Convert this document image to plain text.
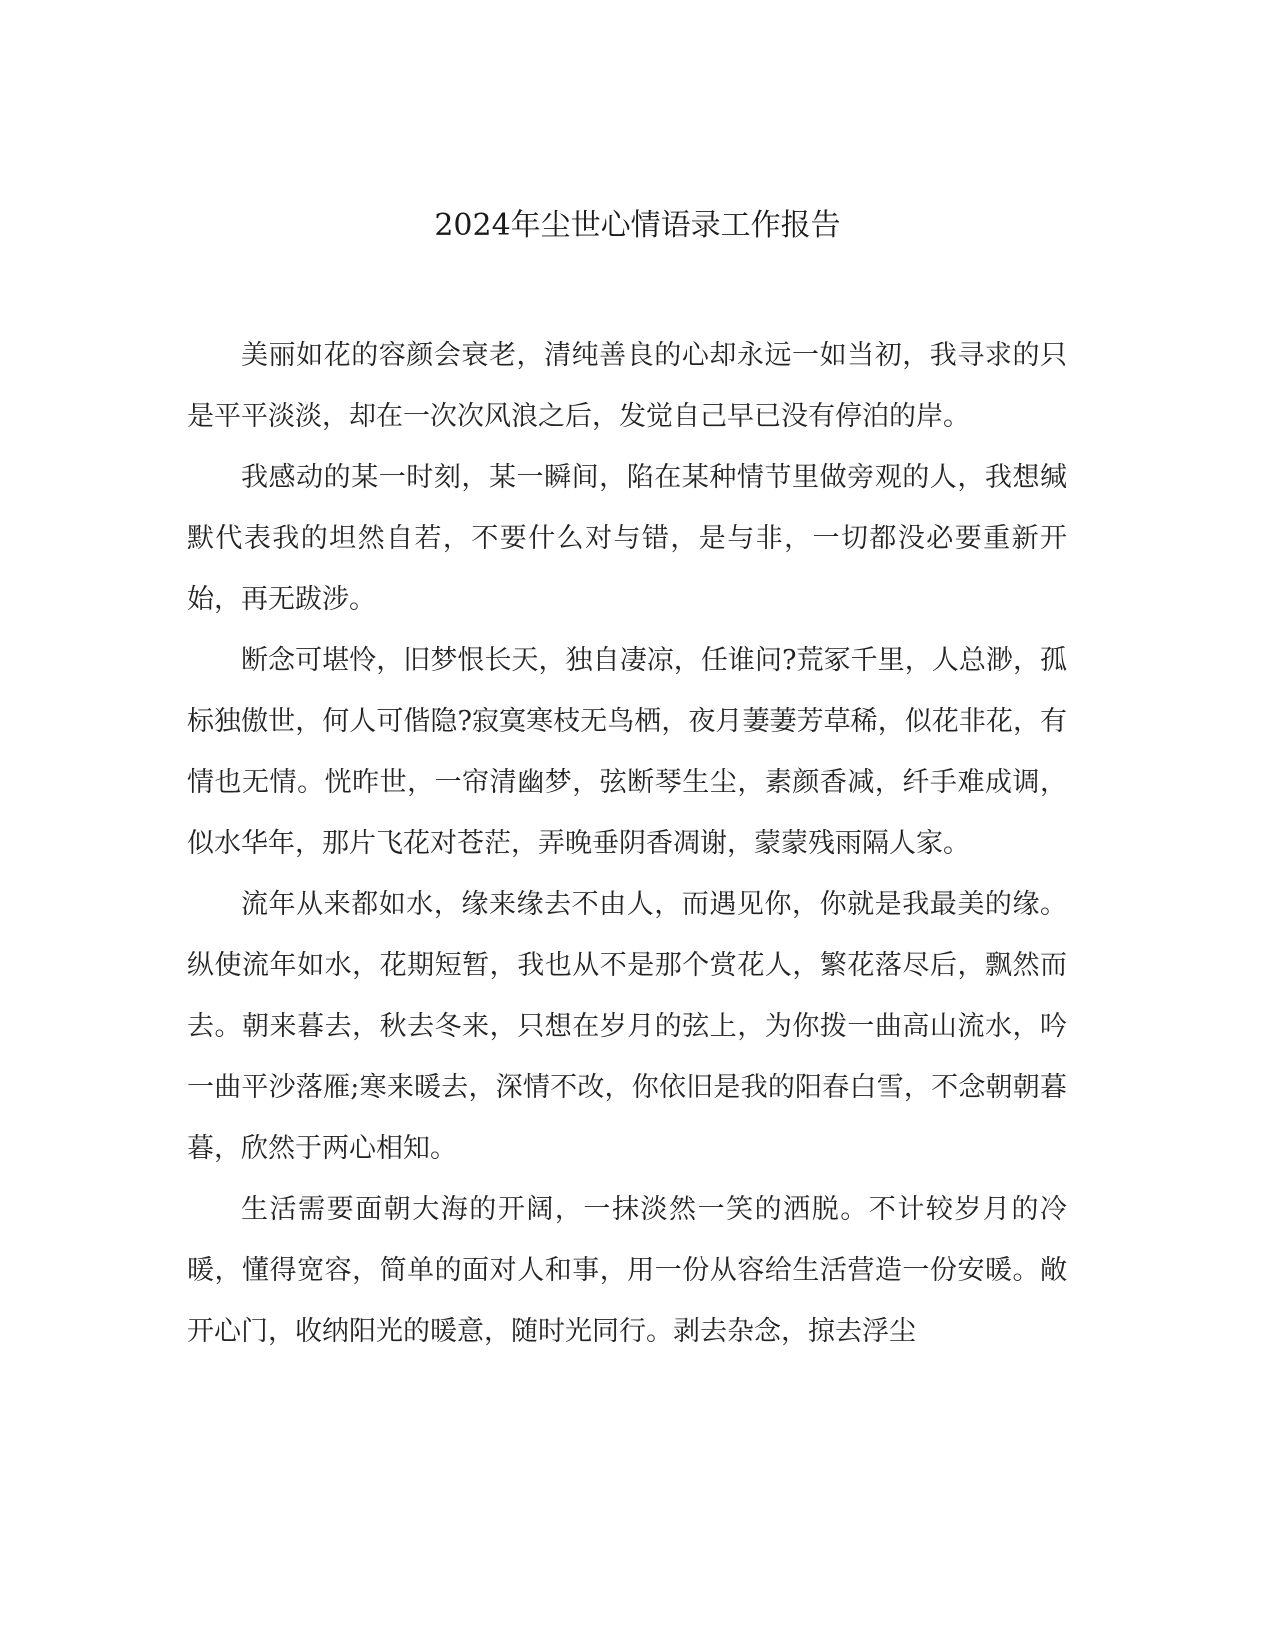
2024年尘世心情语录工作报告

美丽如花的容颜会衰老，清纯善良的心却永远一如当初，我寻求的只是平平淡淡，却在一次次风浪之后，发觉自己早已没有停泊的岸。

我感动的某一时刻，某一瞬间，陷在某种情节里做旁观的人，我想缄默代表我的坦然自若，不要什么对与错，是与非，一切都没必要重新开始，再无跋涉。

断念可堪怜，旧梦恨长天，独自凄凉，任谁问?荒冢千里，人总渺，孤标独傲世，何人可偕隐?寂寞寒枝无鸟栖，夜月萋萋芳草稀，似花非花，有情也无情。恍昨世，一帘清幽梦，弦断琴生尘，素颜香减，纤手难成调，似水华年，那片飞花对苍茫，弄晚垂阴香凋谢，蒙蒙残雨隔人家。

流年从来都如水，缘来缘去不由人，而遇见你，你就是我最美的缘。纵使流年如水，花期短暂，我也从不是那个赏花人，繁花落尽后，飘然而去。朝来暮去，秋去冬来，只想在岁月的弦上，为你拨一曲高山流水，吟一曲平沙落雁;寒来暖去，深情不改，你依旧是我的阳春白雪，不念朝朝暮暮，欣然于两心相知。

生活需要面朝大海的开阔，一抹淡然一笑的洒脱。不计较岁月的冷暖，懂得宽容，简单的面对人和事，用一份从容给生活营造一份安暖。敞开心门，收纳阳光的暖意，随时光同行。剥去杂念，掠去浮尘
